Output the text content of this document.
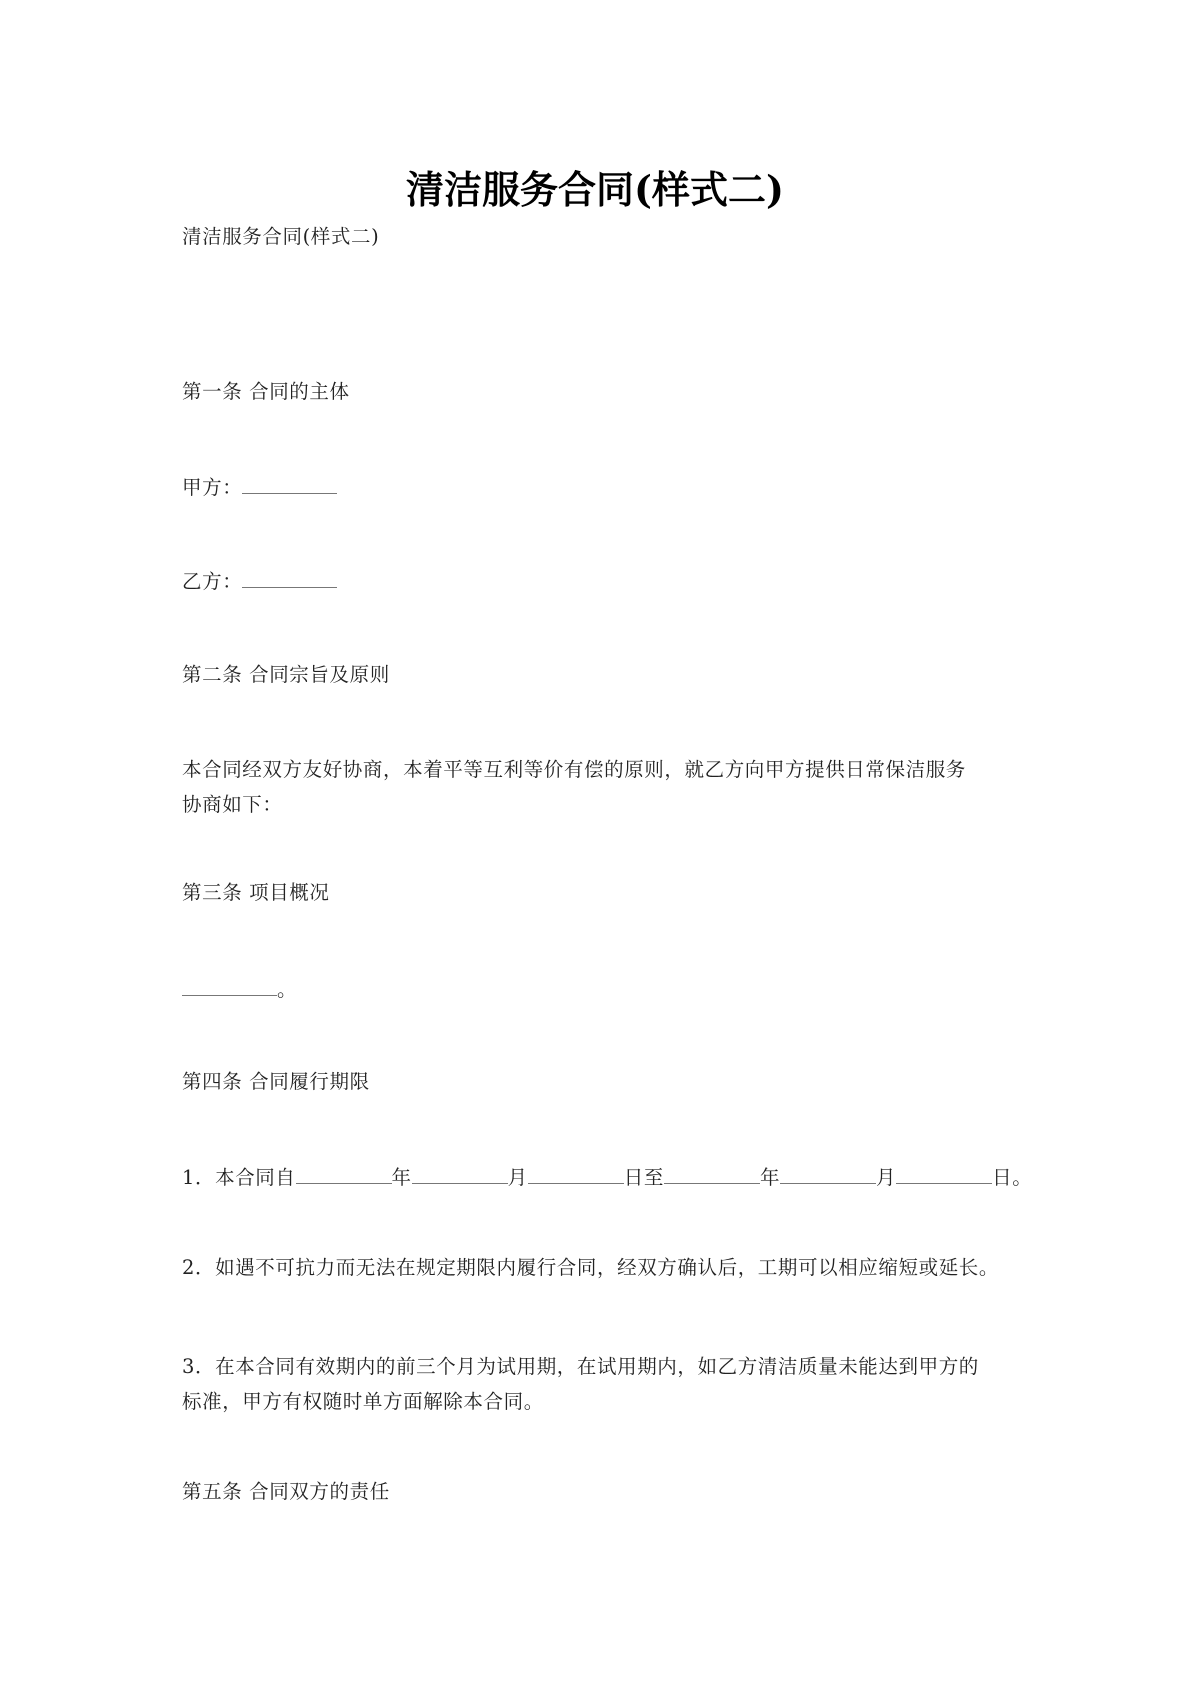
清洁服务合同(样式二)
清洁服务合同(样式二)
第一条 合同的主体
甲方：
乙方：
第二条 合同宗旨及原则
本合同经双方友好协商，本着平等互利等价有偿的原则，就乙方向甲方提供日常保洁服务
协商如下：
第三条 项目概况
。
第四条 合同履行期限
1．本合同自	年	月	日至	年	月	日。
2．如遇不可抗力而无法在规定期限内履行合同，经双方确认后，工期可以相应缩短或延长。
3．在本合同有效期内的前三个月为试用期，在试用期内，如乙方清洁质量未能达到甲方的
标准，甲方有权随时单方面解除本合同。
第五条 合同双方的责任
